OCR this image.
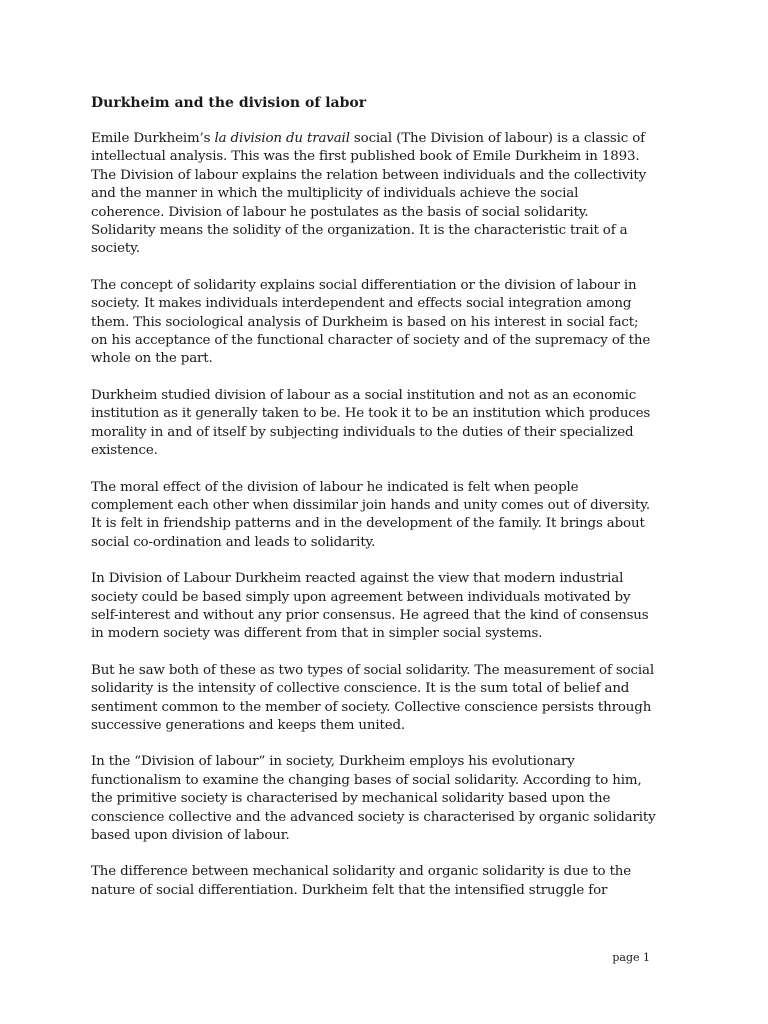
Durkheim and the division of labor
Emile Durkheim’s la division du travail social (The Division of labour) is a classic of
intellectual analysis. This was the first published book of Emile Durkheim in 1893.
The Division of labour explains the relation between individuals and the collectivity
and the manner in which the multiplicity of individuals achieve the social
coherence. Division of labour he postulates as the basis of social solidarity.
Solidarity means the solidity of the organization. It is the characteristic trait of a
society.
The concept of solidarity explains social differentiation or the division of labour in
society. It makes individuals interdependent and effects social integration among
them. This sociological analysis of Durkheim is based on his interest in social fact;
on his acceptance of the functional character of society and of the supremacy of the
whole on the part.
Durkheim studied division of labour as a social institution and not as an economic
institution as it generally taken to be. He took it to be an institution which produces
morality in and of itself by subjecting individuals to the duties of their specialized
existence.
The moral effect of the division of labour he indicated is felt when people
complement each other when dissimilar join hands and unity comes out of diversity.
It is felt in friendship patterns and in the development of the family. It brings about
social co-ordination and leads to solidarity.
In Division of Labour Durkheim reacted against the view that modern industrial
society could be based simply upon agreement between individuals motivated by
self-interest and without any prior consensus. He agreed that the kind of consensus
in modern society was different from that in simpler social systems.
But he saw both of these as two types of social solidarity. The measurement of social
solidarity is the intensity of collective conscience. It is the sum total of belief and
sentiment common to the member of society. Collective conscience persists through
successive generations and keeps them united.
In the “Division of labour” in society, Durkheim employs his evolutionary
functionalism to examine the changing bases of social solidarity. According to him,
the primitive society is characterised by mechanical solidarity based upon the
conscience collective and the advanced society is characterised by organic solidarity
based upon division of labour.
The difference between mechanical solidarity and organic solidarity is due to the
nature of social differentiation. Durkheim felt that the intensified struggle for
page 1
